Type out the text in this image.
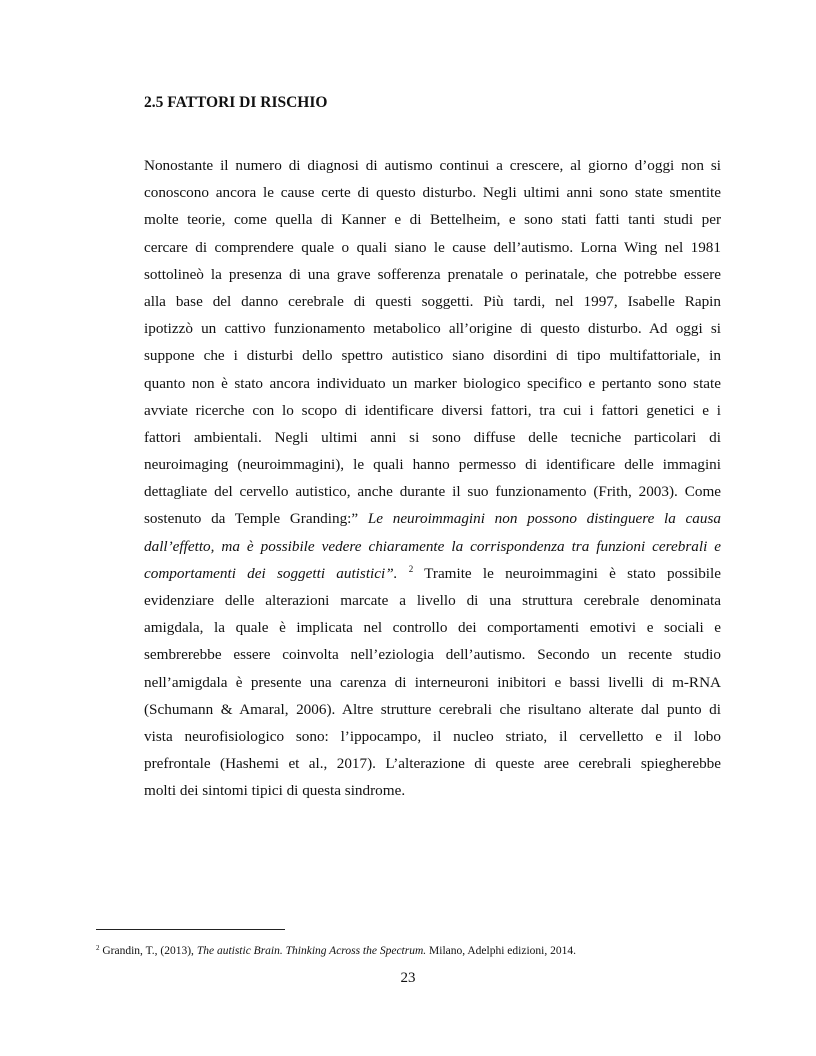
2.5 FATTORI DI RISCHIO
Nonostante il numero di diagnosi di autismo continui a crescere, al giorno d’oggi non si
conoscono ancora le cause certe di questo disturbo. Negli ultimi anni sono state smentite
molte teorie, come quella di Kanner e di Bettelheim, e sono stati fatti tanti studi per
cercare di comprendere quale o quali siano le cause dell’autismo. Lorna Wing nel 1981
sottolineò la presenza di una grave sofferenza prenatale o perinatale, che potrebbe essere
alla base del danno cerebrale di questi soggetti. Più tardi, nel 1997, Isabelle Rapin
ipotizzò un cattivo funzionamento metabolico all’origine di questo disturbo. Ad oggi si
suppone che i disturbi dello spettro autistico siano disordini di tipo multifattoriale, in
quanto non è stato ancora individuato un marker biologico specifico e pertanto sono state
avviate ricerche con lo scopo di identificare diversi fattori, tra cui i fattori genetici e i
fattori ambientali. Negli ultimi anni si sono diffuse delle tecniche particolari di
neuroimaging (neuroimmagini), le quali hanno permesso di identificare delle immagini
dettagliate del cervello autistico, anche durante il suo funzionamento (Frith, 2003). Come
sostenuto da Temple Granding:” Le neuroimmagini non possono distinguere la causa
dall’effetto, ma è possibile vedere chiaramente la corrispondenza tra funzioni cerebrali e
comportamenti dei soggetti autistici”. $^2$ Tramite le neuroimmagini è stato possibile
evidenziare delle alterazioni marcate a livello di una struttura cerebrale denominata
amigdala, la quale è implicata nel controllo dei comportamenti emotivi e sociali e
sembrerebbe essere coinvolta nell’eziologia dell’autismo. Secondo un recente studio
nell’amigdala è presente una carenza di interneuroni inibitori e bassi livelli di m-RNA
(Schumann & Amaral, 2006). Altre strutture cerebrali che risultano alterate dal punto di
vista neurofisiologico sono: l’ippocampo, il nucleo striato, il cervelletto e il lobo
prefrontale (Hashemi et al., 2017). L’alterazione di queste aree cerebrali spiegherebbe
molti dei sintomi tipici di questa sindrome.

$^2$ Grandin, T., (2013), The autistic Brain. Thinking Across the Spectrum. Milano, Adelphi edizioni, 2014.

23
